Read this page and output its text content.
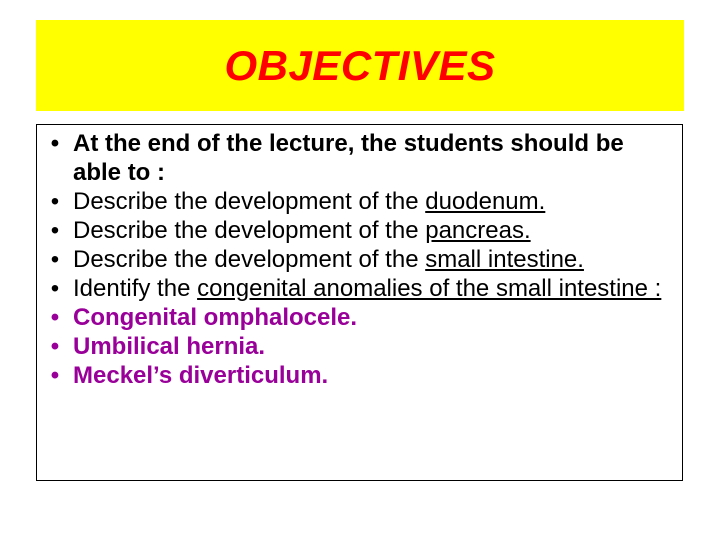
OBJECTIVES
• At the end of the lecture, the students should be able to :
• Describe the development of the duodenum.
• Describe the development of the pancreas.
• Describe the development of the small intestine.
• Identify the congenital anomalies of the small intestine :
• Congenital omphalocele.
• Umbilical hernia.
• Meckel’s diverticulum.
